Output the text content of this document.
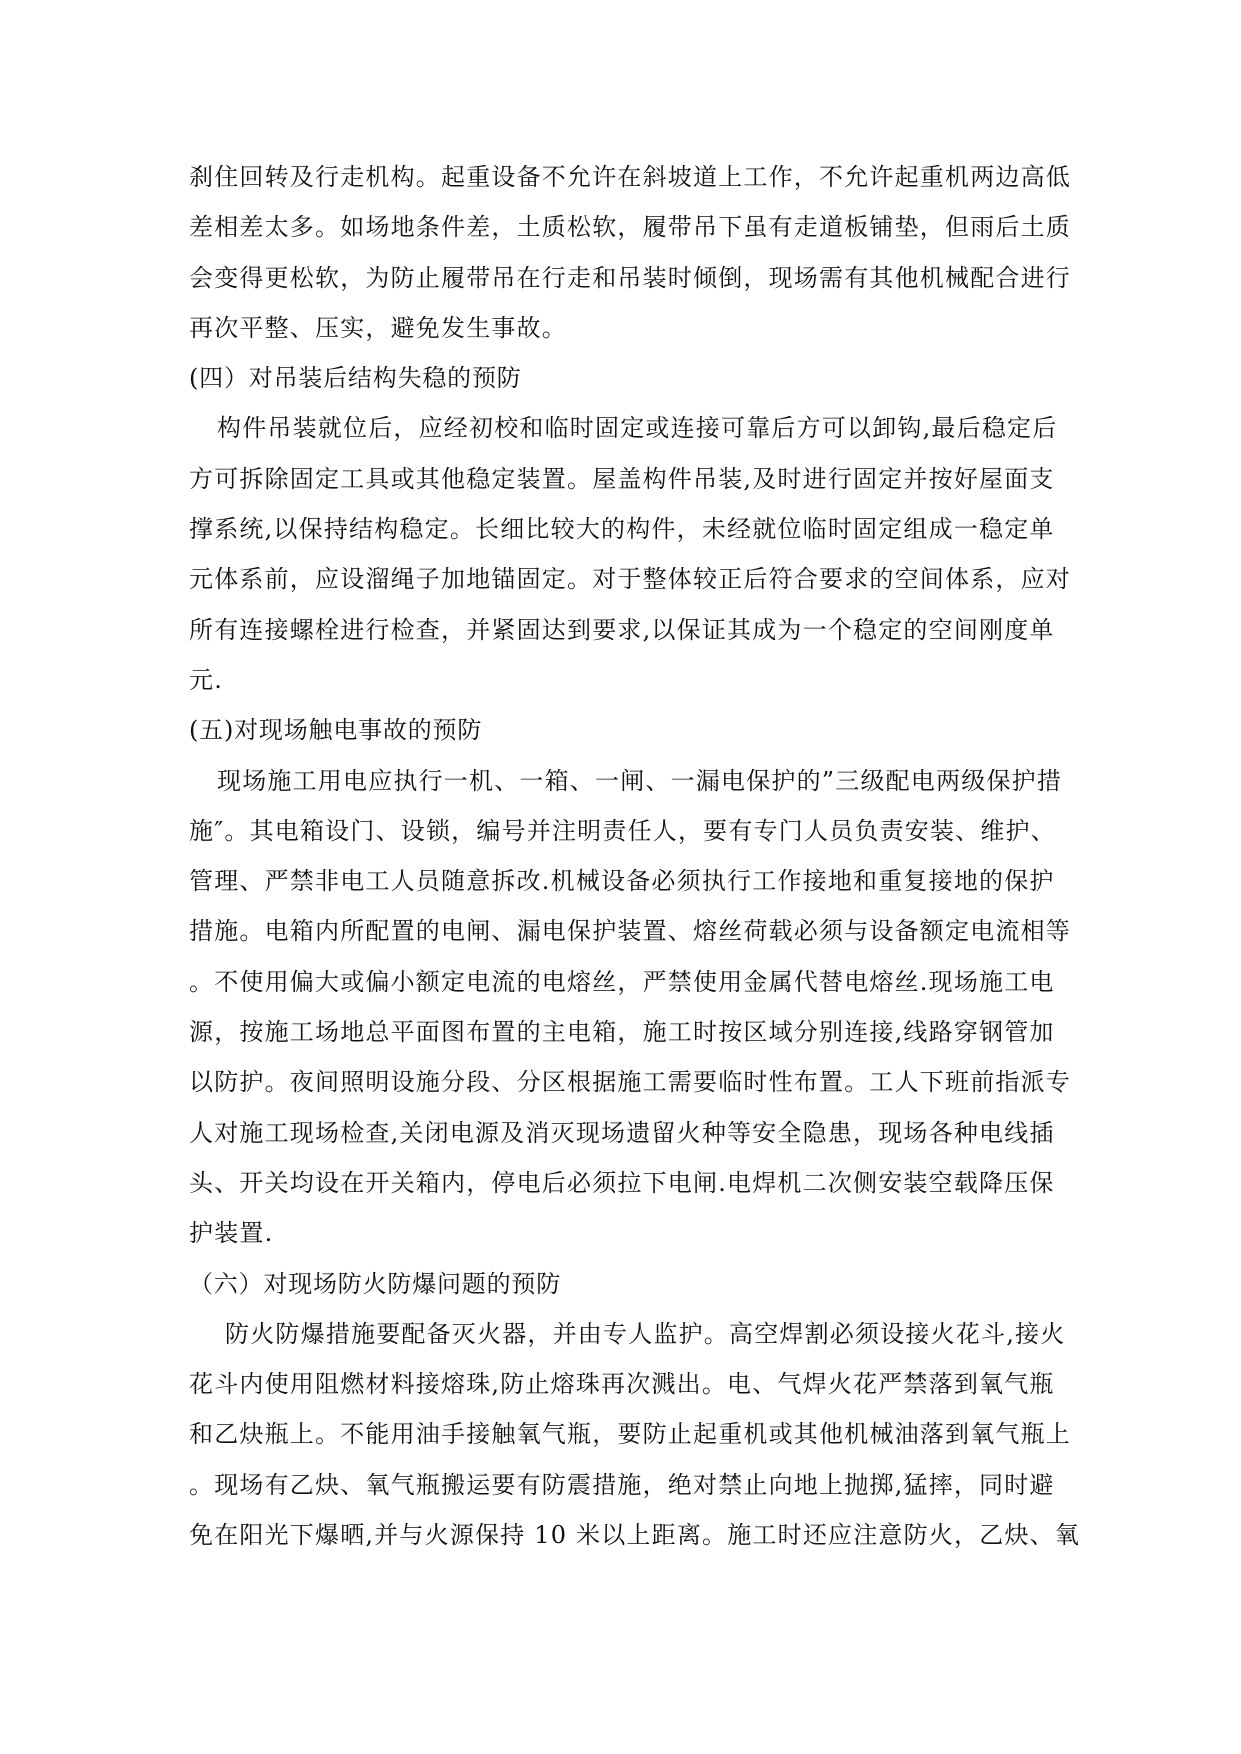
刹住回转及行走机构。起重设备不允许在斜坡道上工作，不允许起重机两边高低
差相差太多。如场地条件差，土质松软，履带吊下虽有走道板铺垫，但雨后土质
会变得更松软，为防止履带吊在行走和吊装时倾倒，现场需有其他机械配合进行
再次平整、压实，避免发生事故。
(四）对吊装后结构失稳的预防
构件吊装就位后，应经初校和临时固定或连接可靠后方可以卸钩,最后稳定后
方可拆除固定工具或其他稳定装置。屋盖构件吊装,及时进行固定并按好屋面支
撑系统,以保持结构稳定。长细比较大的构件，未经就位临时固定组成一稳定单
元体系前，应设溜绳子加地锚固定。对于整体较正后符合要求的空间体系，应对
所有连接螺栓进行检查，并紧固达到要求,以保证其成为一个稳定的空间刚度单
元.
(五)对现场触电事故的预防
现场施工用电应执行一机、一箱、一闸、一漏电保护的”三级配电两级保护措
施″。其电箱设门、设锁，编号并注明责任人，要有专门人员负责安装、维护、
管理、严禁非电工人员随意拆改.机械设备必须执行工作接地和重复接地的保护
措施。电箱内所配置的电闸、漏电保护装置、熔丝荷载必须与设备额定电流相等
。不使用偏大或偏小额定电流的电熔丝，严禁使用金属代替电熔丝.现场施工电
源，按施工场地总平面图布置的主电箱，施工时按区域分别连接,线路穿钢管加
以防护。夜间照明设施分段、分区根据施工需要临时性布置。工人下班前指派专
人对施工现场检查,关闭电源及消灭现场遗留火种等安全隐患，现场各种电线插
头、开关均设在开关箱内，停电后必须拉下电闸.电焊机二次侧安装空载降压保
护装置.
（六）对现场防火防爆问题的预防
防火防爆措施要配备灭火器，并由专人监护。高空焊割必须设接火花斗,接火
花斗内使用阻燃材料接熔珠,防止熔珠再次溅出。电、气焊火花严禁落到氧气瓶
和乙炔瓶上。不能用油手接触氧气瓶，要防止起重机或其他机械油落到氧气瓶上
。现场有乙炔、氧气瓶搬运要有防震措施，绝对禁止向地上抛掷,猛摔，同时避
免在阳光下爆晒,并与火源保持 10 米以上距离。施工时还应注意防火，乙炔、氧
